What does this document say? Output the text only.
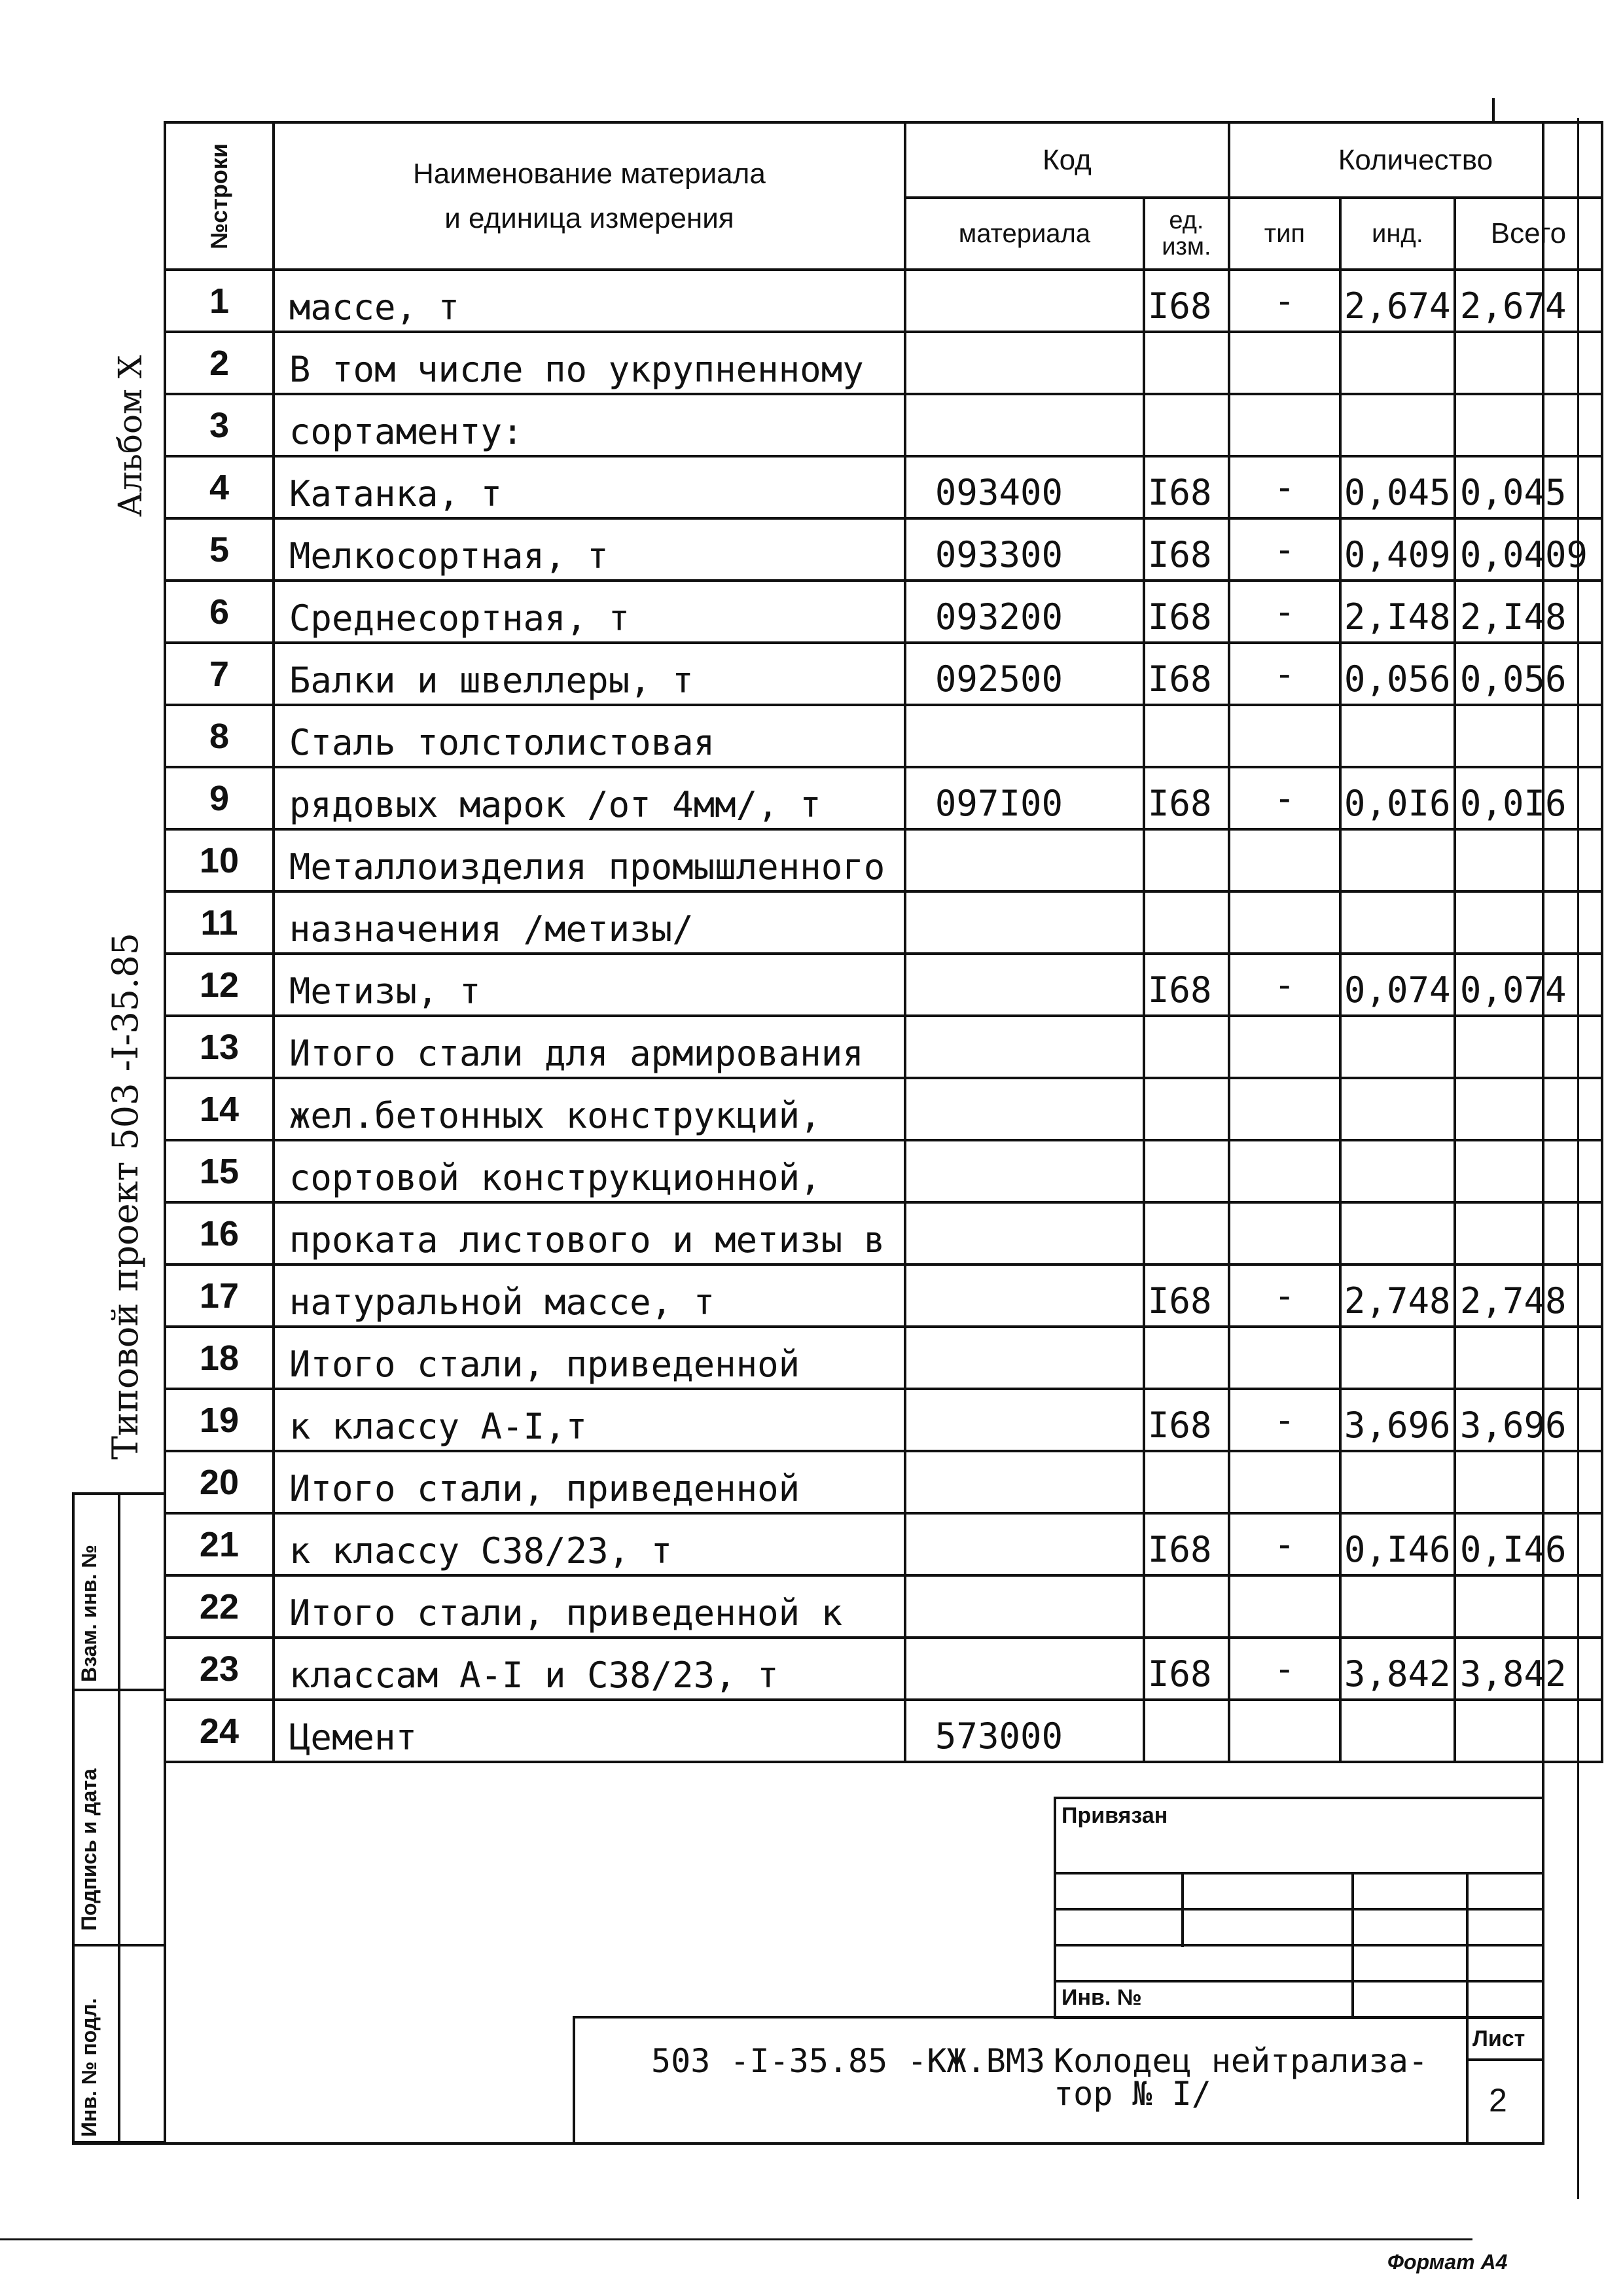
Альбом X
Типовой проект 503 -I-35.85
Взам. инв. №
Подпись и дата
Инв. № подл.
№строки	Наименование материала
и единица измерения	Код		Количество		
		материала	ед. изм.	тип	инд.	Всего
1	массе, т		I68	-	2,674	2,674
2	В том числе по укрупненному					
3	сортаменту:					
4	Катанка, т	093400	I68	-	0,045	0,045
5	Мелкосортная, т	093300	I68	-	0,409	0,0409
6	Среднесортная, т	093200	I68	-	2,I48	2,I48
7	Балки и швеллеры, т	092500	I68	-	0,056	0,056
8	Сталь толстолистовая					
9	рядовых марок /от 4мм/, т	097I00	I68	-	0,0I6	0,0I6
10	Металлоизделия промышленного					
11	назначения /метизы/					
12	Метизы, т		I68	-	0,074	0,074
13	Итого стали для армирования					
14	жел.бетонных конструкций,					
15	сортовой конструкционной,					
16	проката листового и метизы в					
17	натуральной массе, т		I68	-	2,748	2,748
18	Итого стали, приведенной					
19	к классу А-I,т		I68	-	3,696	3,696
20	Итого стали, приведенной					
21	к классу С38/23, т		I68	-	0,I46	0,I46
22	Итого стали, приведенной к					
23	классам А-I и С38/23, т		I68	-	3,842	3,842
24	Цемент	573000				
Привязан
Инв. №
503 -I-35.85 -КЖ.ВМ3 Колодец нейтрализа-
тор № I/
Лист
2
Формат А4
